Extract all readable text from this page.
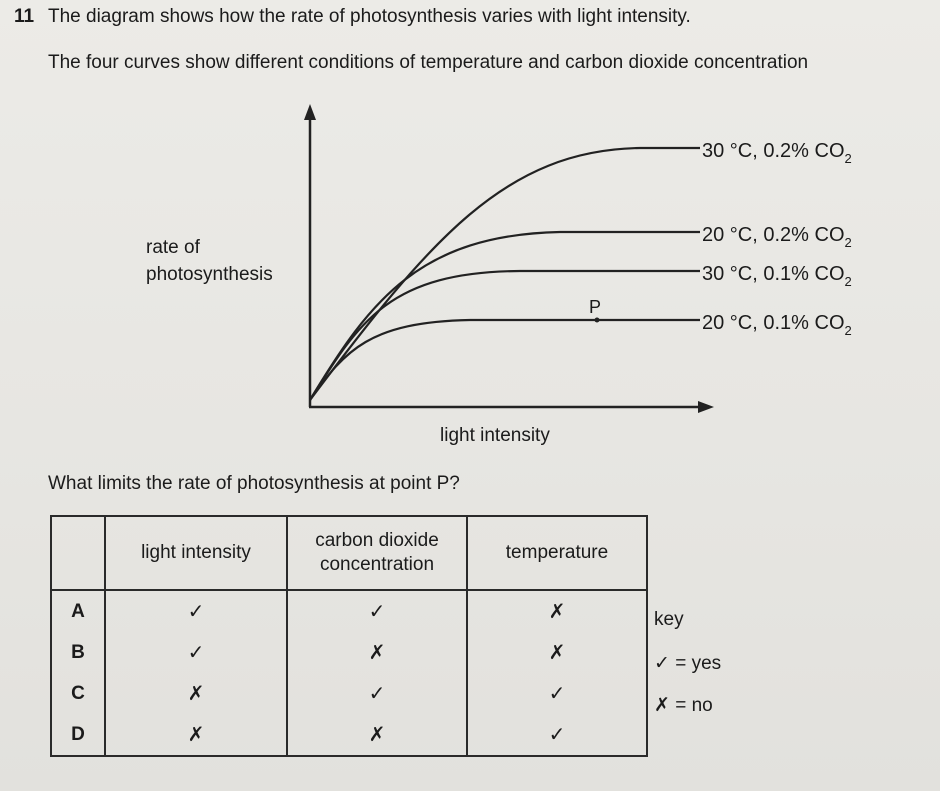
11 The diagram shows how the rate of photosynthesis varies with light intensity.
The four curves show different conditions of temperature and carbon dioxide concentration
P
rate of
photosynthesis
light intensity
30 °C, 0.2% $CO_2$
20 °C, 0.2% $CO_2$
30 °C, 0.1% $CO_2$
20 °C, 0.1% $CO_2$
What limits the rate of photosynthesis at point P?
	light intensity	carbon dioxide concentration	temperature
A	✓	✓	✗
B	✓	✗	✗
C	✗	✓	✓
D	✗	✗	✓
key
✓ = yes
✗ = no
